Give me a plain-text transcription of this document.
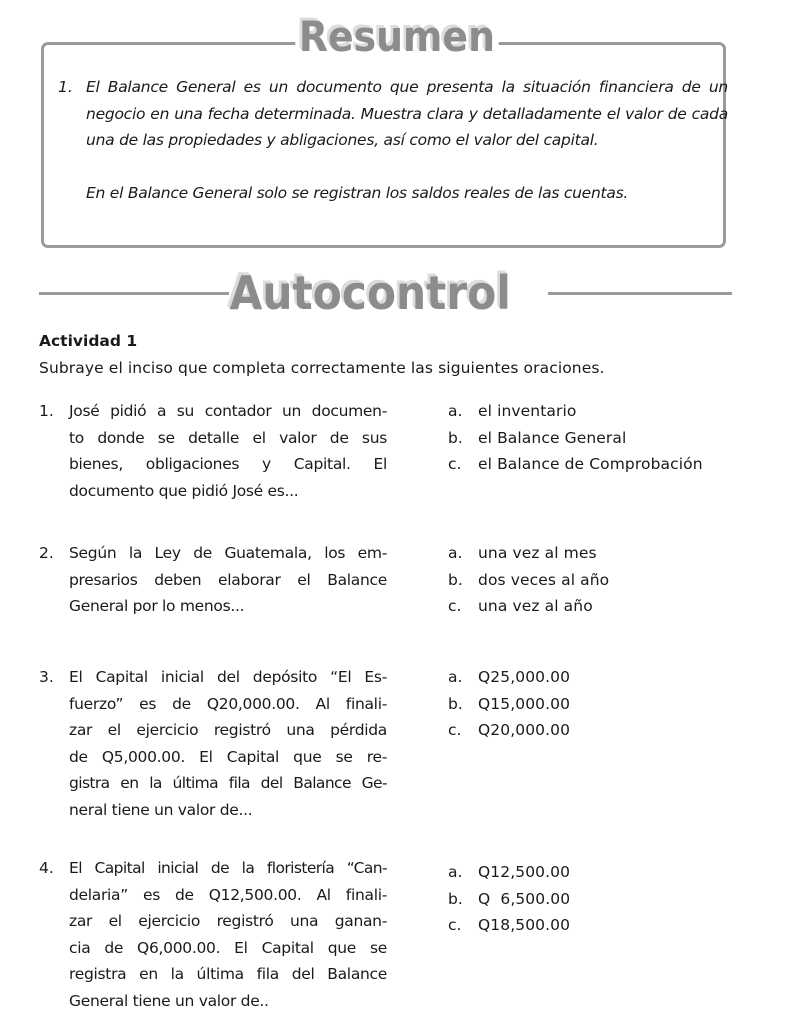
Resumen
1. El Balance General es un documento que presenta la situación financiera de un negocio en una fecha determinada. Muestra clara y detalladamente el valor de cada una de las propiedades y abligaciones, así como el valor del capital.
En el Balance General solo se registran los saldos reales de las cuentas.
Autocontrol
Actividad 1
Subraye el inciso que completa correctamente las siguientes oraciones.
1. José pidió a su contador un documen-
to donde se detalle el valor de sus
bienes, obligaciones y Capital. El
documento que pidió José es...
a.	el inventario
b. el Balance General
c.	el Balance de Comprobación
2. Según la Ley de Guatemala, los em-
presarios deben elaborar el Balance
General por lo menos...
a.	una vez al mes
b. dos veces al año
c.	una vez al año
3. El Capital inicial del depósito “El Es-
fuerzo” es de Q20,000.00. Al finali-
zar el ejercicio registró una pérdida
de Q5,000.00. El Capital que se re-
gistra en la última fila del Balance Ge-
neral tiene un valor de...
a.	Q25,000.00
b. Q15,000.00
c.	Q20,000.00
4. El Capital inicial de la floristería “Can-
delaria” es de Q12,500.00. Al finali-
zar el ejercicio registró una ganan-
cia de Q6,000.00. El Capital que se
registra en la última fila del Balance
General tiene un valor de..
a.	Q12,500.00
b. Q  6,500.00
c.	Q18,500.00
